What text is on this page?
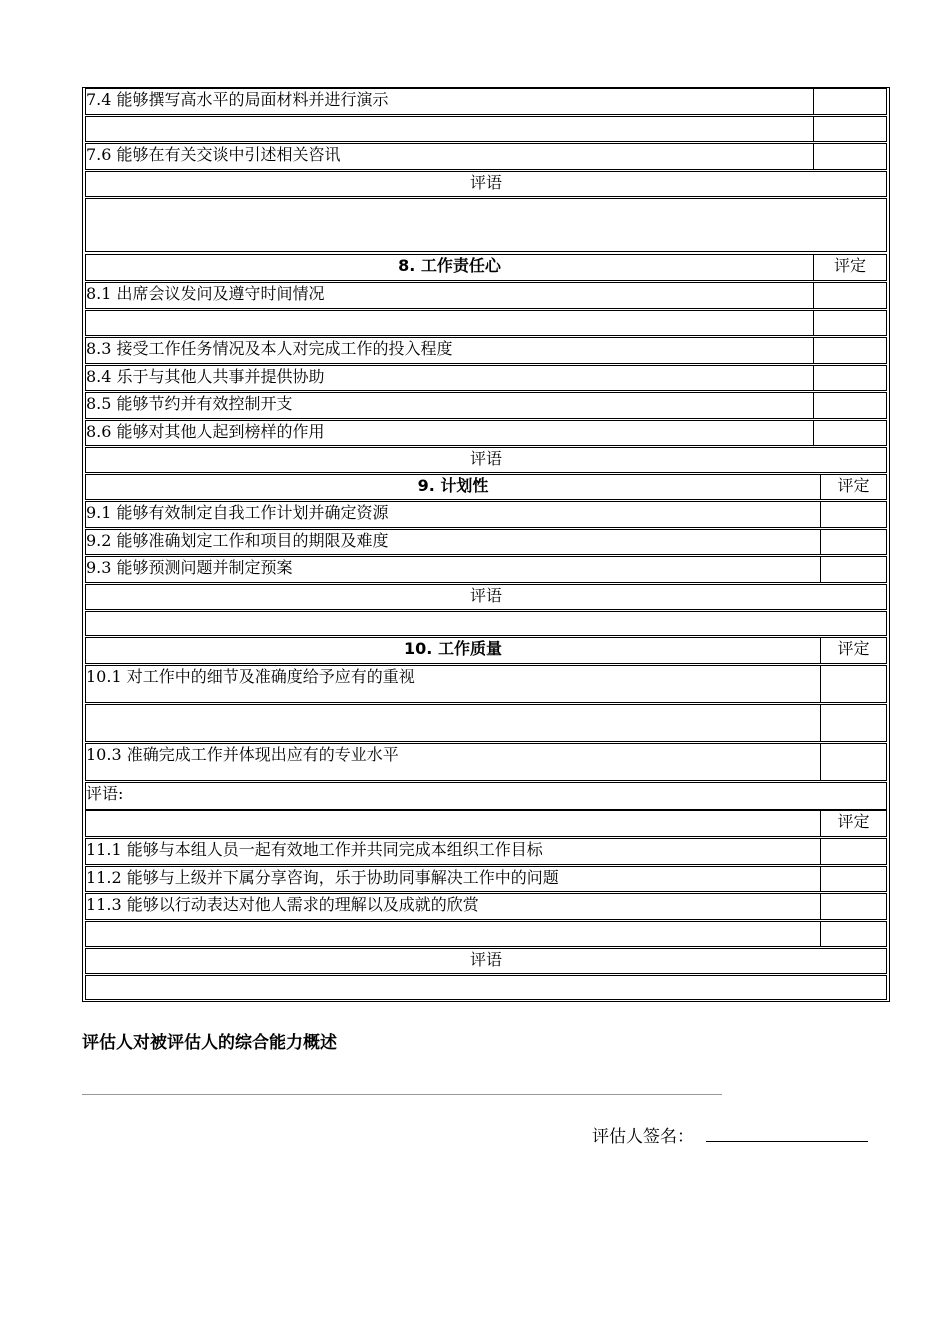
7.4 能够撰写高水平的局面材料并进行演示
7.6 能够在有关交谈中引述相关咨讯
评语
8. 工作责任心	评定
8.1 出席会议发问及遵守时间情况
8.3 接受工作任务情况及本人对完成工作的投入程度
8.4 乐于与其他人共事并提供协助
8.5 能够节约并有效控制开支
8.6 能够对其他人起到榜样的作用
评语
9. 计划性	评定
9.1 能够有效制定自我工作计划并确定资源
9.2 能够准确划定工作和项目的期限及难度
9.3 能够预测问题并制定预案
评语
10. 工作质量	评定
10.1 对工作中的细节及准确度给予应有的重视
10.3 准确完成工作并体现出应有的专业水平
评语:
评定
11.1 能够与本组人员一起有效地工作并共同完成本组织工作目标
11.2 能够与上级并下属分享咨询，乐于协助同事解决工作中的问题
11.3 能够以行动表达对他人需求的理解以及成就的欣赏
评语
评估人对被评估人的综合能力概述
评估人签名：
